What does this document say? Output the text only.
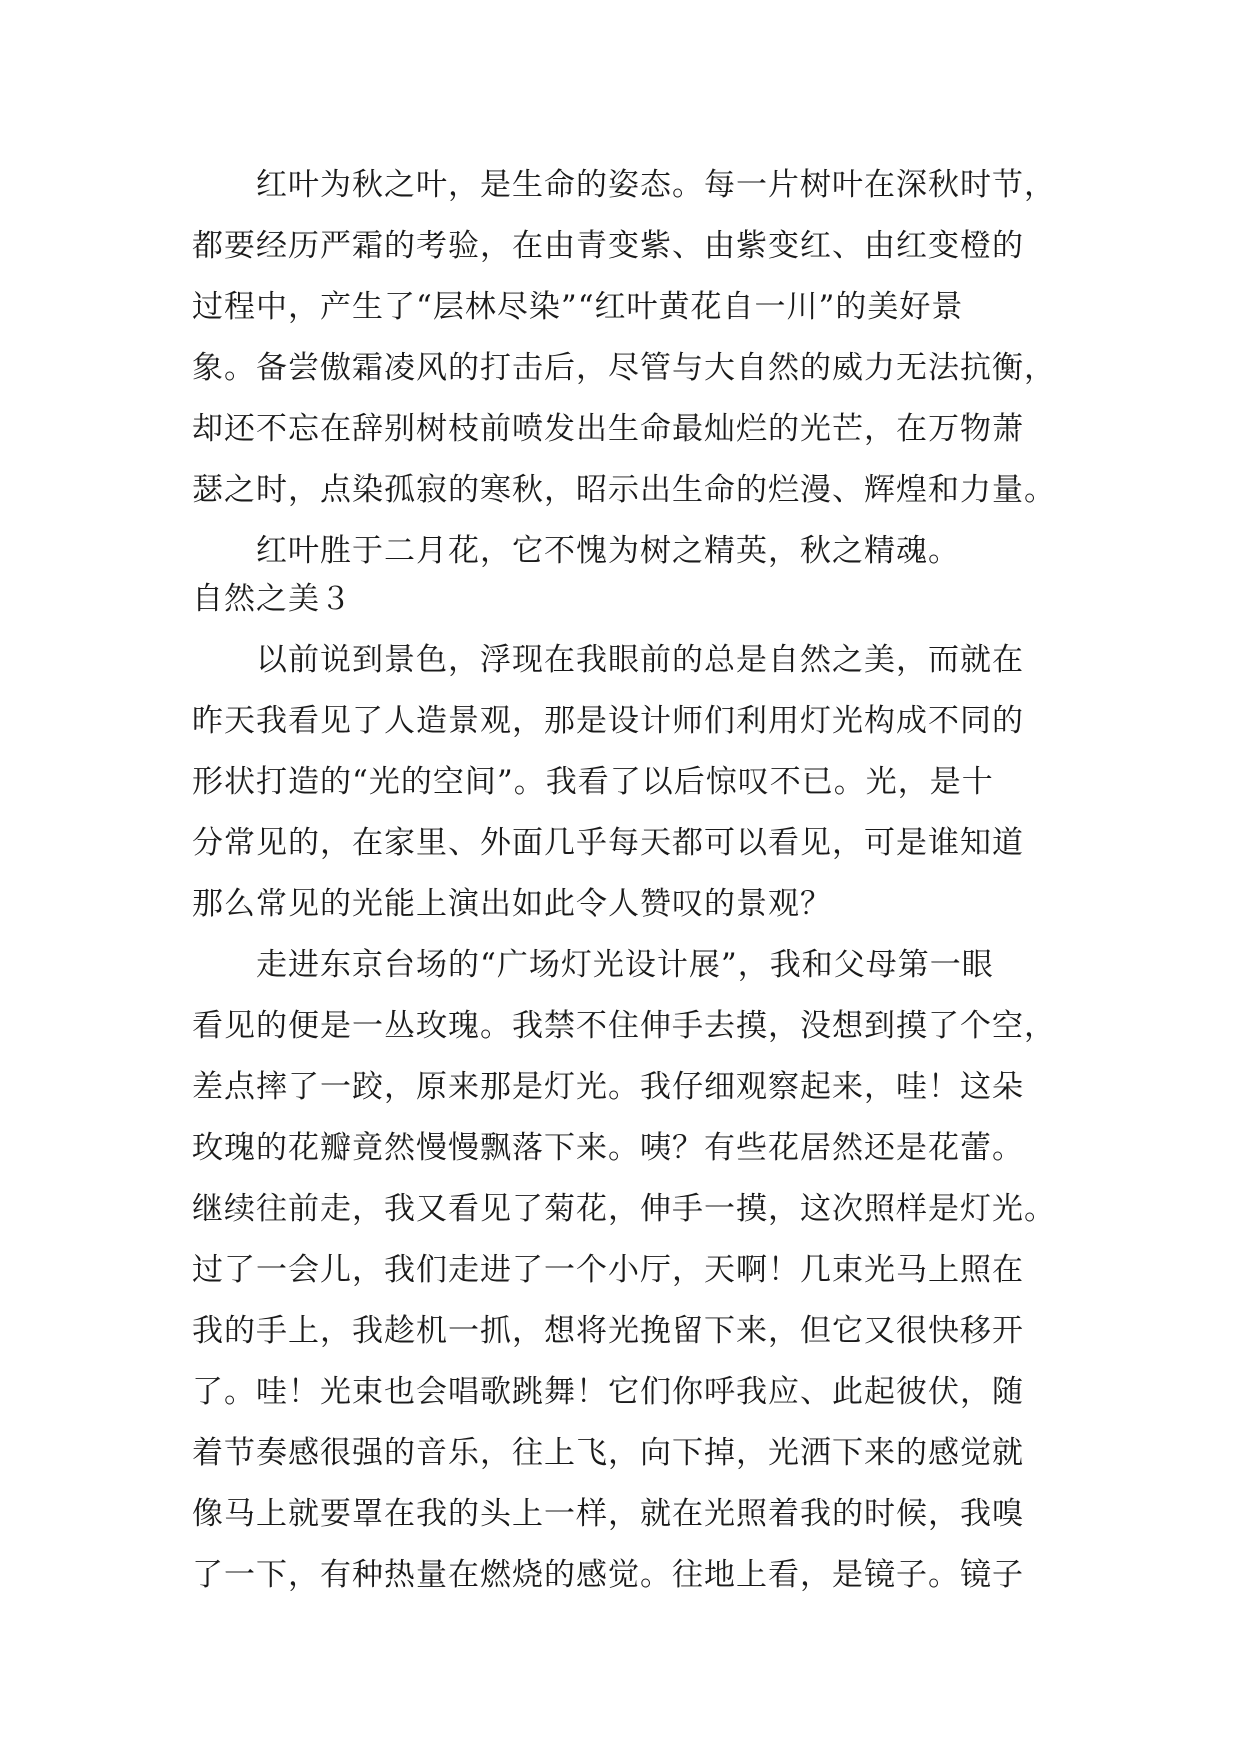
红叶为秋之叶，是生命的姿态。每一片树叶在深秋时节，
都要经历严霜的考验，在由青变紫、由紫变红、由红变橙的
过程中，产生了“层林尽染”“红叶黄花自一川”的美好景
象。备尝傲霜凌风的打击后，尽管与大自然的威力无法抗衡，
却还不忘在辞别树枝前喷发出生命最灿烂的光芒，在万物萧
瑟之时，点染孤寂的寒秋，昭示出生命的烂漫、辉煌和力量。
红叶胜于二月花，它不愧为树之精英，秋之精魂。
自然之美３
以前说到景色，浮现在我眼前的总是自然之美，而就在
昨天我看见了人造景观，那是设计师们利用灯光构成不同的
形状打造的“光的空间”。我看了以后惊叹不已。光，是十
分常见的，在家里、外面几乎每天都可以看见，可是谁知道
那么常见的光能上演出如此令人赞叹的景观？
走进东京台场的“广场灯光设计展”，我和父母第一眼
看见的便是一丛玫瑰。我禁不住伸手去摸，没想到摸了个空，
差点摔了一跤，原来那是灯光。我仔细观察起来，哇！这朵
玫瑰的花瓣竟然慢慢飘落下来。咦？有些花居然还是花蕾。
继续往前走，我又看见了菊花，伸手一摸，这次照样是灯光。
过了一会儿，我们走进了一个小厅，天啊！几束光马上照在
我的手上，我趁机一抓，想将光挽留下来，但它又很快移开
了。哇！光束也会唱歌跳舞！它们你呼我应、此起彼伏，随
着节奏感很强的音乐，往上飞，向下掉，光洒下来的感觉就
像马上就要罩在我的头上一样，就在光照着我的时候，我嗅
了一下，有种热量在燃烧的感觉。往地上看，是镜子。镜子
